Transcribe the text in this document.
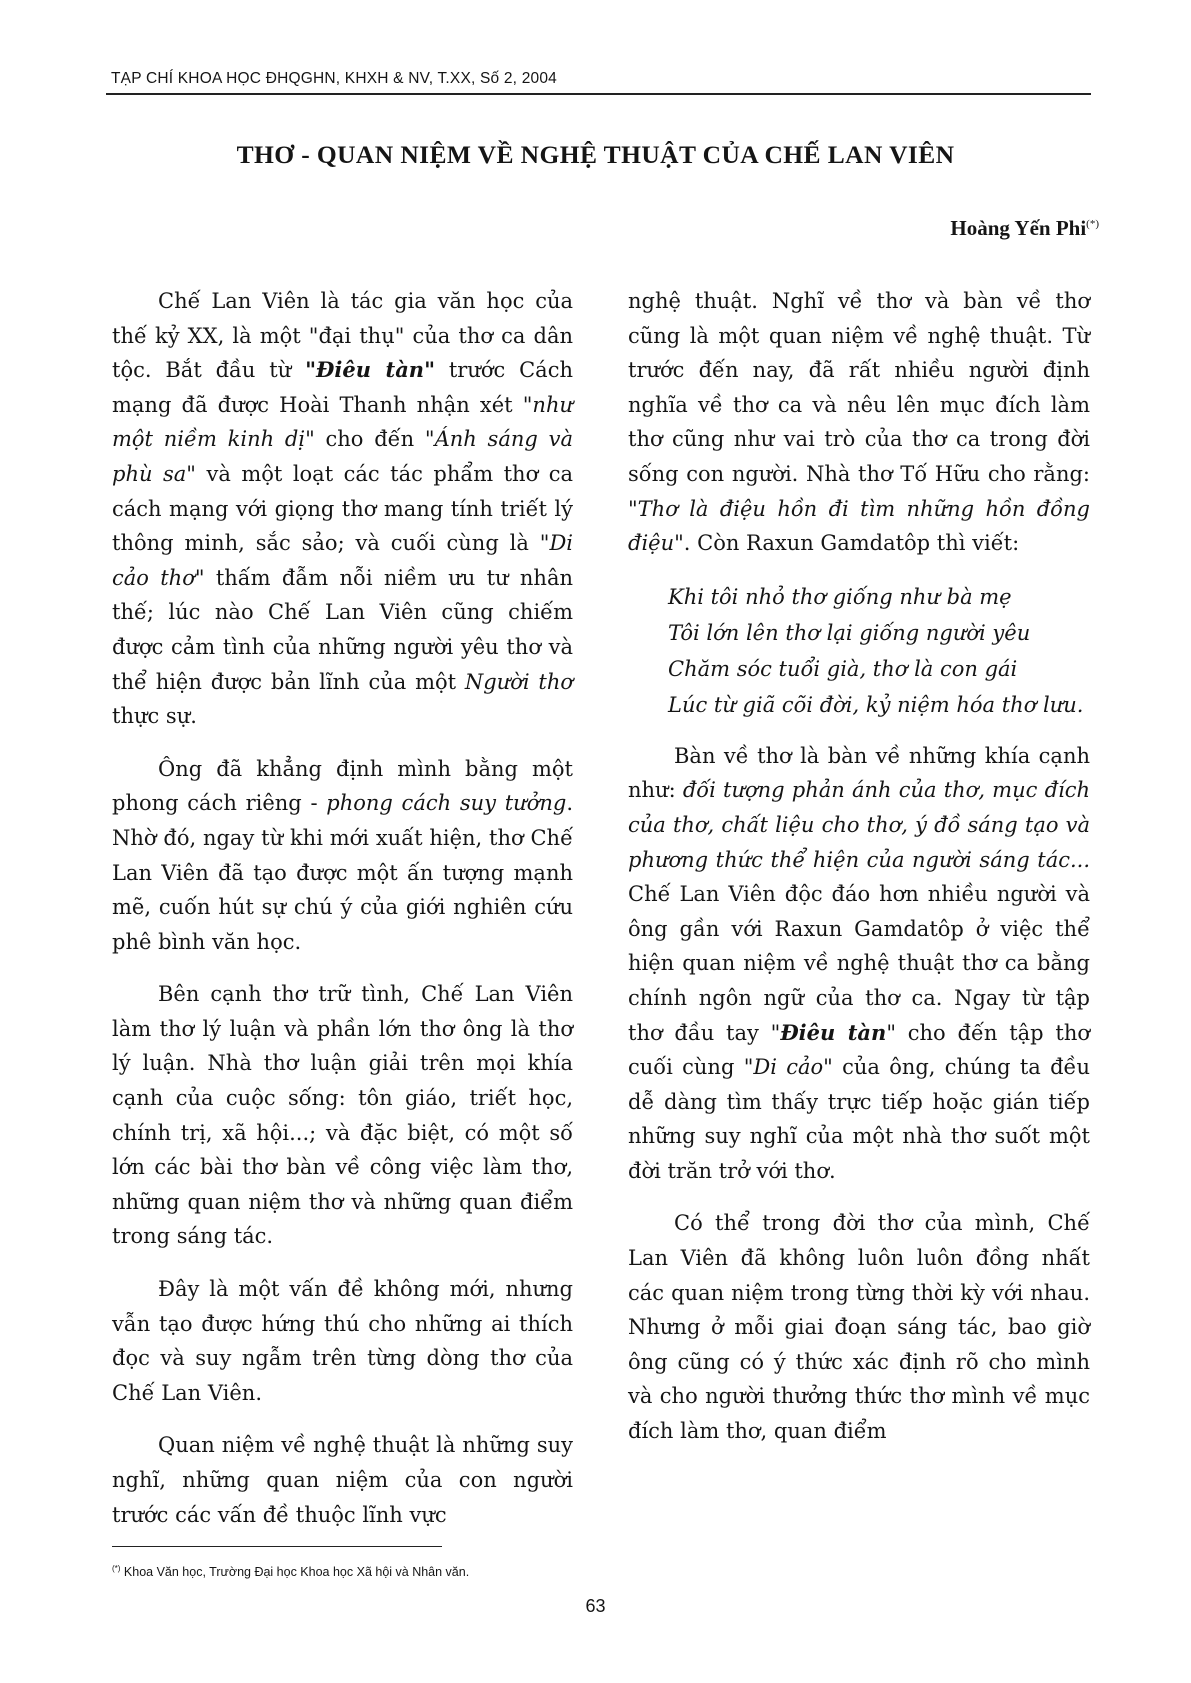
TẠP CHÍ KHOA HỌC ĐHQGHN, KHXH & NV, T.XX, Số 2, 2004
THƠ - QUAN NIỆM VỀ NGHỆ THUẬT CỦA CHẾ LAN VIÊN
Hoàng Yến Phi(*)

Chế Lan Viên là tác gia văn học của thế kỷ XX, là một "đại thụ" của thơ ca dân tộc. Bắt đầu từ "Điêu tàn" trước Cách mạng đã được Hoài Thanh nhận xét "như một niềm kinh dị" cho đến "Ánh sáng và phù sa" và một loạt các tác phẩm thơ ca cách mạng với giọng thơ mang tính triết lý thông minh, sắc sảo; và cuối cùng là "Di cảo thơ" thấm đẫm nỗi niềm ưu tư nhân thế; lúc nào Chế Lan Viên cũng chiếm được cảm tình của những người yêu thơ và thể hiện được bản lĩnh của một Người thơ thực sự.

Ông đã khẳng định mình bằng một phong cách riêng - phong cách suy tưởng. Nhờ đó, ngay từ khi mới xuất hiện, thơ Chế Lan Viên đã tạo được một ấn tượng mạnh mẽ, cuốn hút sự chú ý của giới nghiên cứu phê bình văn học.

Bên cạnh thơ trữ tình, Chế Lan Viên làm thơ lý luận và phần lớn thơ ông là thơ lý luận. Nhà thơ luận giải trên mọi khía cạnh của cuộc sống: tôn giáo, triết học, chính trị, xã hội...; và đặc biệt, có một số lớn các bài thơ bàn về công việc làm thơ, những quan niệm thơ và những quan điểm trong sáng tác.

Đây là một vấn đề không mới, nhưng vẫn tạo được hứng thú cho những ai thích đọc và suy ngẫm trên từng dòng thơ của Chế Lan Viên.

Quan niệm về nghệ thuật là những suy nghĩ, những quan niệm của con người trước các vấn đề thuộc lĩnh vực

nghệ thuật. Nghĩ về thơ và bàn về thơ cũng là một quan niệm về nghệ thuật. Từ trước đến nay, đã rất nhiều người định nghĩa về thơ ca và nêu lên mục đích làm thơ cũng như vai trò của thơ ca trong đời sống con người. Nhà thơ Tố Hữu cho rằng: "Thơ là điệu hồn đi tìm những hồn đồng điệu". Còn Raxun Gamdatôp thì viết:

Khi tôi nhỏ thơ giống như bà mẹ
Tôi lớn lên thơ lại giống người yêu
Chăm sóc tuổi già, thơ là con gái
Lúc từ giã cõi đời, kỷ niệm hóa thơ lưu.

Bàn về thơ là bàn về những khía cạnh như: đối tượng phản ánh của thơ, mục đích của thơ, chất liệu cho thơ, ý đồ sáng tạo và phương thức thể hiện của người sáng tác... Chế Lan Viên độc đáo hơn nhiều người và ông gần với Raxun Gamdatôp ở việc thể hiện quan niệm về nghệ thuật thơ ca bằng chính ngôn ngữ của thơ ca. Ngay từ tập thơ đầu tay "Điêu tàn" cho đến tập thơ cuối cùng "Di cảo" của ông, chúng ta đều dễ dàng tìm thấy trực tiếp hoặc gián tiếp những suy nghĩ của một nhà thơ suốt một đời trăn trở với thơ.

Có thể trong đời thơ của mình, Chế Lan Viên đã không luôn luôn đồng nhất các quan niệm trong từng thời kỳ với nhau. Nhưng ở mỗi giai đoạn sáng tác, bao giờ ông cũng có ý thức xác định rõ cho mình và cho người thưởng thức thơ mình về mục đích làm thơ, quan điểm

(*) Khoa Văn học, Trường Đại học Khoa học Xã hội và Nhân văn.
63
